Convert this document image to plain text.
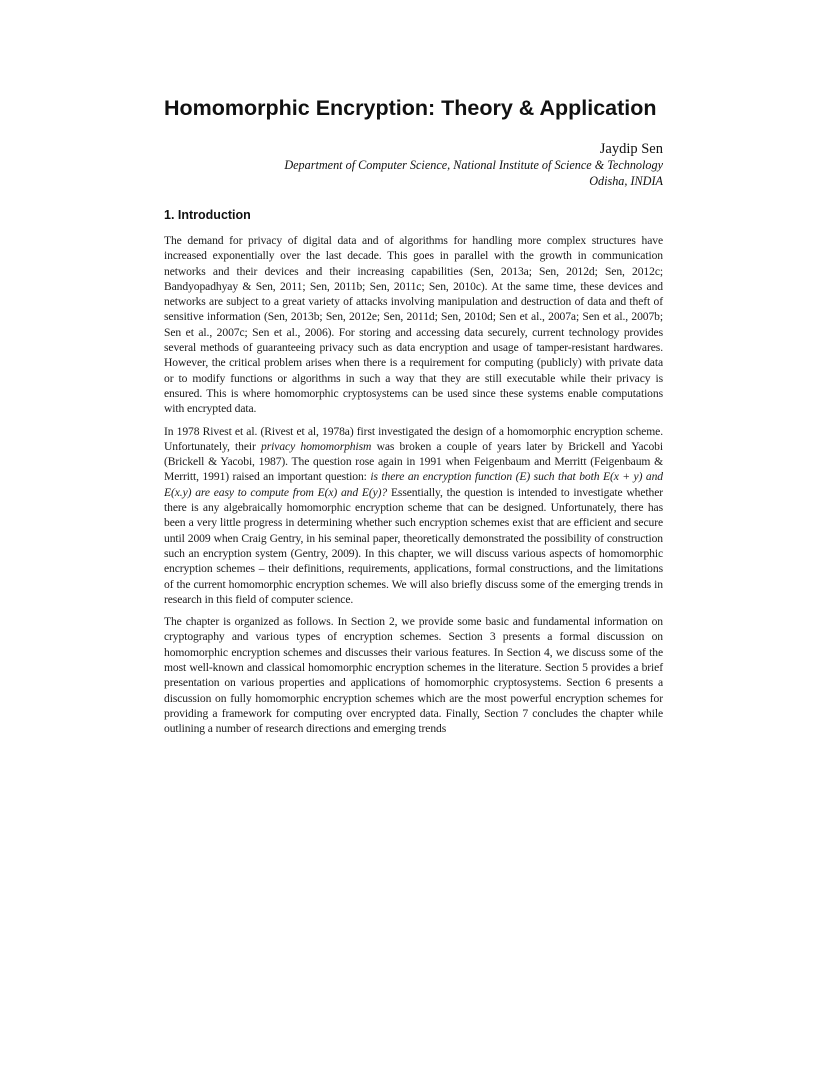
Homomorphic Encryption: Theory & Application
Jaydip Sen
Department of Computer Science, National Institute of Science & Technology
Odisha, INDIA
1. Introduction

The demand for privacy of digital data and of algorithms for handling more complex structures have increased exponentially over the last decade. This goes in parallel with the growth in communication networks and their devices and their increasing capabilities (Sen, 2013a; Sen, 2012d; Sen, 2012c; Bandyopadhyay & Sen, 2011; Sen, 2011b; Sen, 2011c; Sen, 2010c). At the same time, these devices and networks are subject to a great variety of attacks involving manipulation and destruction of data and theft of sensitive information (Sen, 2013b; Sen, 2012e; Sen, 2011d; Sen, 2010d; Sen et al., 2007a; Sen et al., 2007b; Sen et al., 2007c; Sen et al., 2006). For storing and accessing data securely, current technology provides several methods of guaranteeing privacy such as data encryption and usage of tamper-resistant hardwares. However, the critical problem arises when there is a requirement for computing (publicly) with private data or to modify functions or algorithms in such a way that they are still executable while their privacy is ensured. This is where homomorphic cryptosystems can be used since these systems enable computations with encrypted data.

In 1978 Rivest et al. (Rivest et al, 1978a) first investigated the design of a homomorphic encryption scheme. Unfortunately, their privacy homomorphism was broken a couple of years later by Brickell and Yacobi (Brickell & Yacobi, 1987). The question rose again in 1991 when Feigenbaum and Merritt (Feigenbaum & Merritt, 1991) raised an important question: is there an encryption function (E) such that both E(x + y) and E(x.y) are easy to compute from E(x) and E(y)? Essentially, the question is intended to investigate whether there is any algebraically homomorphic encryption scheme that can be designed. Unfortunately, there has been a very little progress in determining whether such encryption schemes exist that are efficient and secure until 2009 when Craig Gentry, in his seminal paper, theoretically demonstrated the possibility of construction such an encryption system (Gentry, 2009). In this chapter, we will discuss various aspects of homomorphic encryption schemes – their definitions, requirements, applications, formal constructions, and the limitations of the current homomorphic encryption schemes. We will also briefly discuss some of the emerging trends in research in this field of computer science.

The chapter is organized as follows. In Section 2, we provide some basic and fundamental information on cryptography and various types of encryption schemes. Section 3 presents a formal discussion on homomorphic encryption schemes and discusses their various features. In Section 4, we discuss some of the most well-known and classical homomorphic encryption schemes in the literature. Section 5 provides a brief presentation on various properties and applications of homomorphic cryptosystems. Section 6 presents a discussion on fully homomorphic encryption schemes which are the most powerful encryption schemes for providing a framework for computing over encrypted data. Finally, Section 7 concludes the chapter while outlining a number of research directions and emerging trends
